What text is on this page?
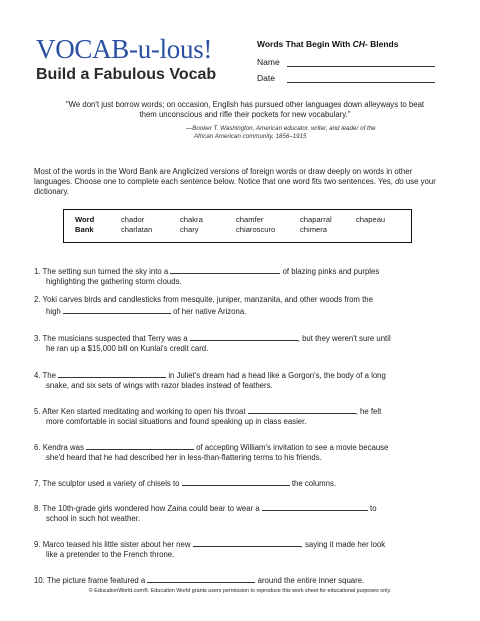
VOCAB-u-lous!
Build a Fabulous Vocab
Words That Begin With CH- Blends
Name
Date
"We don't just borrow words; on occasion, English has pursued other languages down alleyways to beat them unconscious and rifle their pockets for new vocabulary."
—Booker T. Washington, American educator, writer, and leader of the African American community, 1856–1915
Most of the words in the Word Bank are Anglicized versions of foreign words or draw deeply on words in other languages. Choose one to complete each sentence below. Notice that one word fits two sentences. Yes, do use your dictionary.
Word
Bank
chador	chakra	chamfer	chaparral	chapeau
charlatan	chary	chiaroscuro	chimera
1. The setting sun turned the sky into a	of blazing pinks and purples
highlighting the gathering storm clouds.
2. Yoki carves birds and candlesticks from mesquite, juniper, manzanita, and other woods from the
high	of her native Arizona.
3. The musicians suspected that Terry was a	, but they weren't sure until
he ran up a $15,000 bill on Kunlai's credit card.
4. The	in Juliet's dream had a head like a Gorgon's, the body of a long
snake, and six sets of wings with razor blades instead of feathers.
5. After Ken started meditating and working to open his throat	, he felt
more comfortable in social situations and found speaking up in class easier.
6. Kendra was	of accepting William's invitation to see a movie because
she'd heard that he had described her in less-than-flattering terms to his friends.
7. The sculptor used a variety of chisels to	the columns.
8. The 10th-grade girls wondered how Zaina could bear to wear a	to
school in such hot weather.
9. Marco teased his little sister about her new	, saying it made her look
like a pretender to the French throne.
10. The picture frame featured a	around the entire inner square.
© EducationWorld.com®. Education World grants users permission to reproduce this work sheet for educational purposes only.
